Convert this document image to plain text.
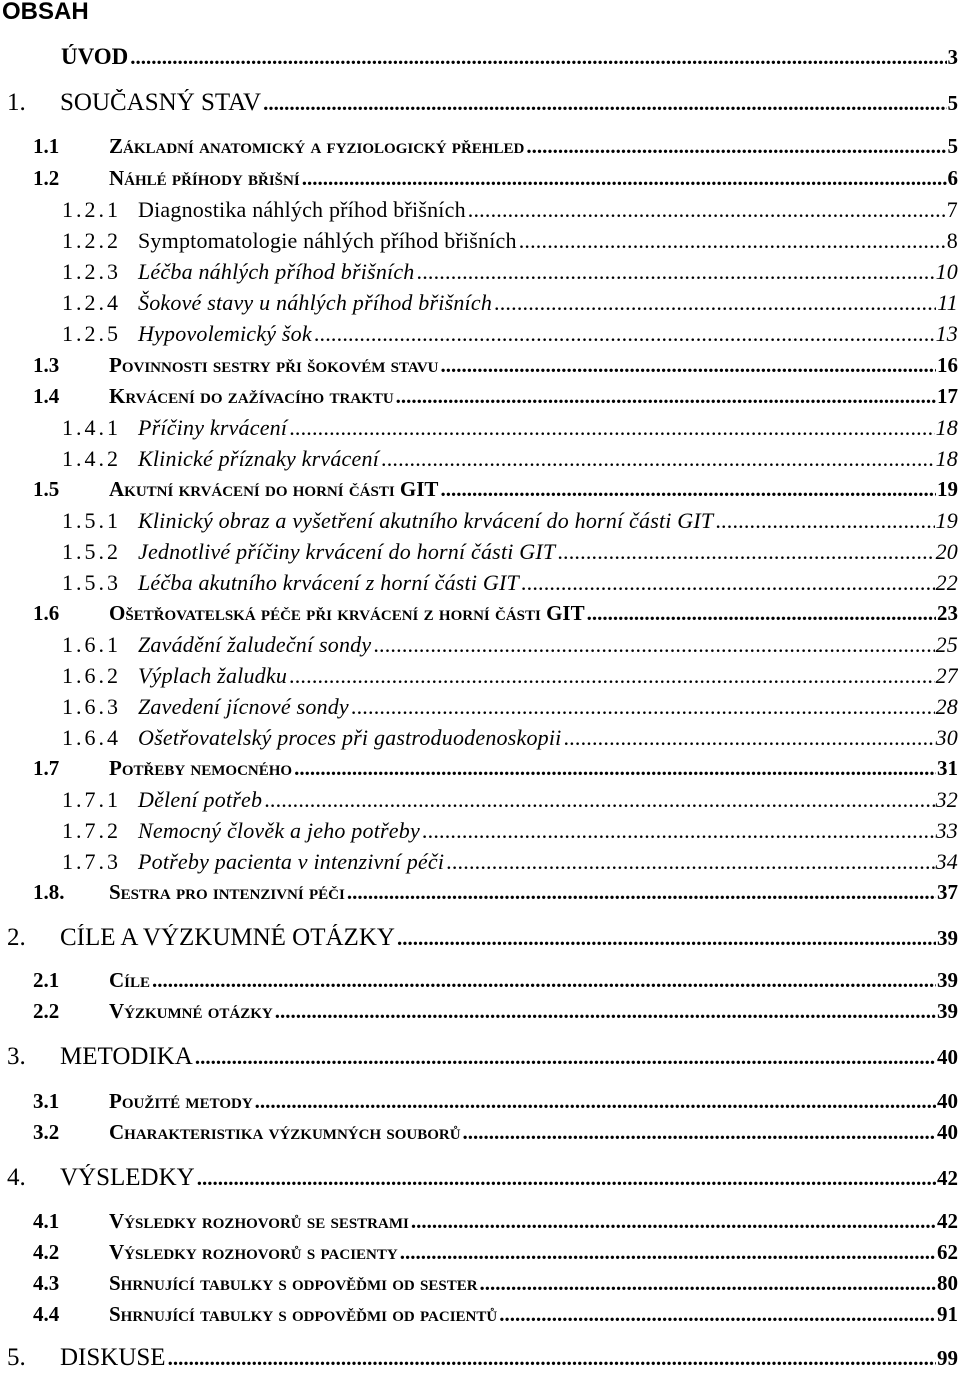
OBSAH
ÚVOD .....	3
1.	SOUČASNÝ STAV .....	5
1.1	Základní anatomický a fyziologický přehled .....	5
1.2	Náhlé příhody břišní .....	6
1.2.1 Diagnostika náhlých příhod břišních .....	7
1.2.2 Symptomatologie náhlých příhod břišních .....	8
1.2.3 Léčba náhlých příhod břišních .....	10
1.2.4 Šokové stavy u náhlých příhod břišních .....	11
1.2.5 Hypovolemický šok .....	13
1.3	Povinnosti sestry při šokovém stavu .....	16
1.4	Krvácení do zažívacího traktu .....	17
1.4.1 Příčiny krvácení .....	18
1.4.2 Klinické příznaky krvácení .....	18
1.5	Akutní krvácení do horní části GIT .....	19
1.5.1 Klinický obraz a vyšetření akutního krvácení do horní části GIT .....	19
1.5.2 Jednotlivé příčiny krvácení do horní části GIT .....	20
1.5.3 Léčba akutního krvácení z horní části GIT .....	22
1.6	Ošetřovatelská péče při krvácení z horní části GIT .....	23
1.6.1 Zavádění žaludeční sondy .....	25
1.6.2 Výplach žaludku .....	27
1.6.3 Zavedení jícnové sondy .....	28
1.6.4 Ošetřovatelský proces při gastroduodenoskopii .....	30
1.7	Potřeby nemocného .....	31
1.7.1 Dělení potřeb .....	32
1.7.2 Nemocný člověk a jeho potřeby .....	33
1.7.3 Potřeby pacienta v intenzivní péči .....	34
1.8.	Sestra pro intenzivní péči .....	37
2.	CÍLE A VÝZKUMNÉ OTÁZKY .....	39
2.1	Cíle .....	39
2.2	Výzkumné otázky .....	39
3.	METODIKA .....	40
3.1	Použité metody .....	40
3.2	Charakteristika výzkumných souborů .....	40
4.	VÝSLEDKY .....	42
4.1	Výsledky rozhovorů se sestrami .....	42
4.2	Výsledky rozhovorů s pacienty .....	62
4.3	Shrnující tabulky s odpověďmi od sester .....	80
4.4	Shrnující tabulky s odpověďmi od pacientů .....	91
5.	DISKUSE .....	99
